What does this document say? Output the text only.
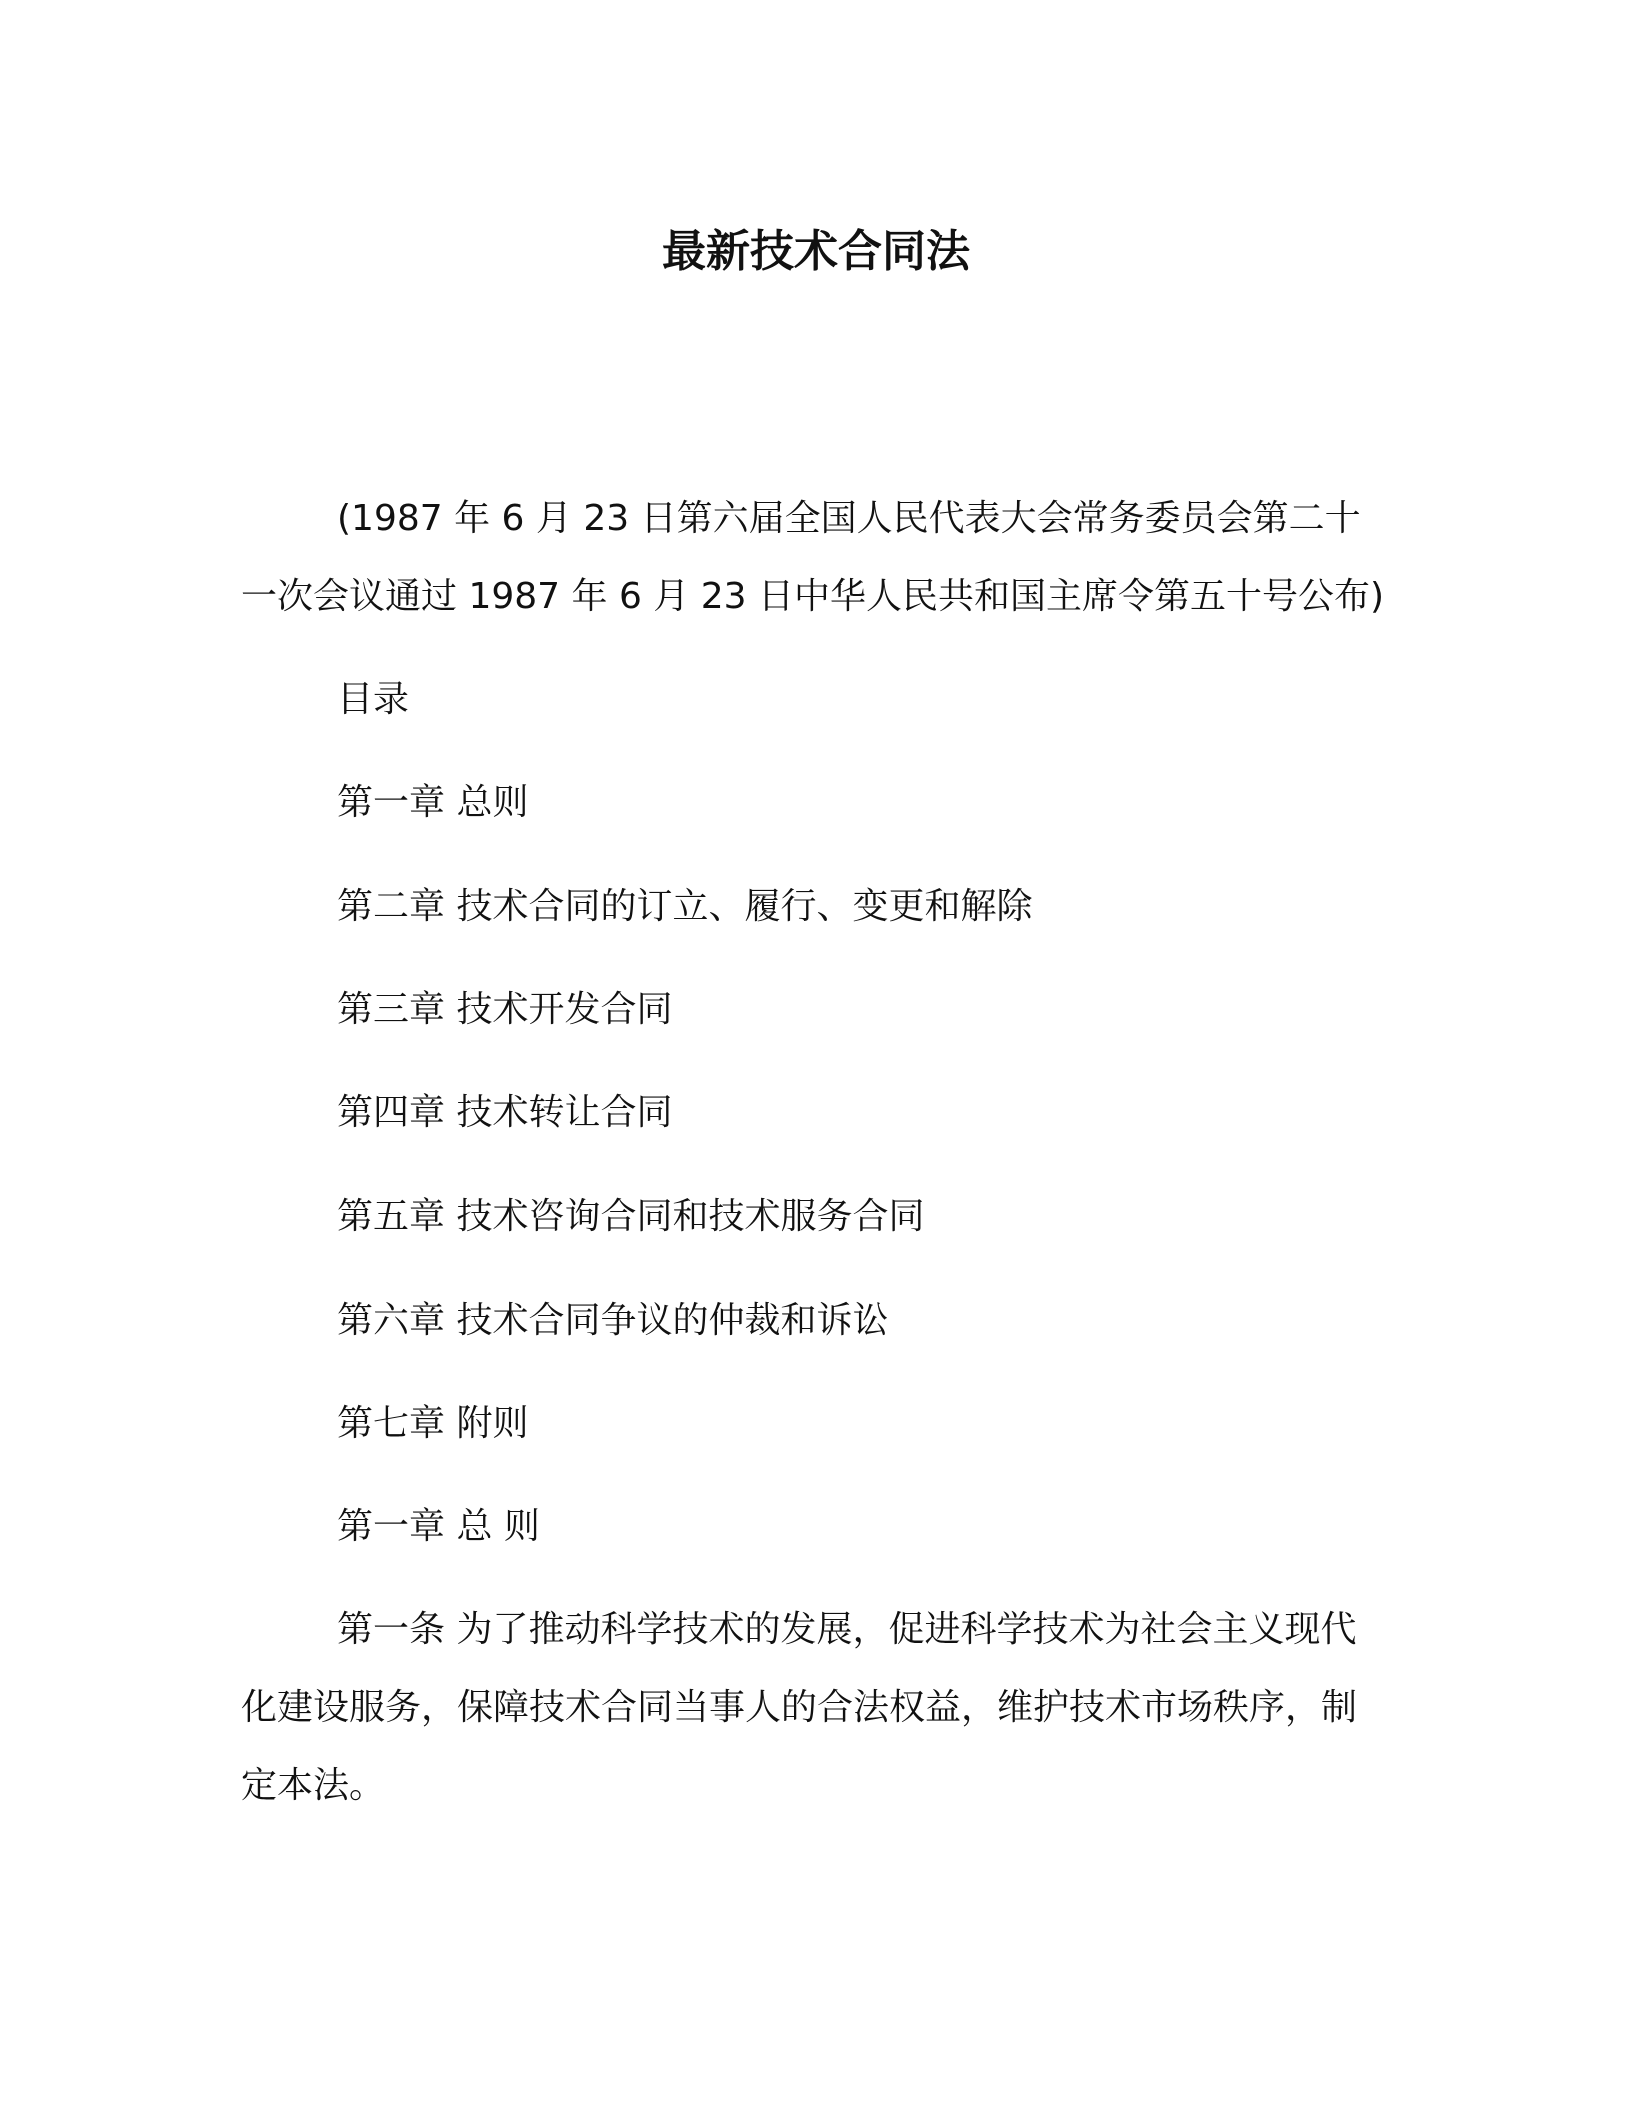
最新技术合同法
(1987 年 6 月 23 日第六届全国人民代表大会常务委员会第二十一次会议通过 1987 年 6 月 23 日中华人民共和国主席令第五十号公布)
目录
第一章 总则
第二章 技术合同的订立、履行、变更和解除
第三章 技术开发合同
第四章 技术转让合同
第五章 技术咨询合同和技术服务合同
第六章 技术合同争议的仲裁和诉讼
第七章 附则
第一章 总 则
第一条 为了推动科学技术的发展，促进科学技术为社会主义现代化建设服务，保障技术合同当事人的合法权益，维护技术市场秩序，制定本法。
